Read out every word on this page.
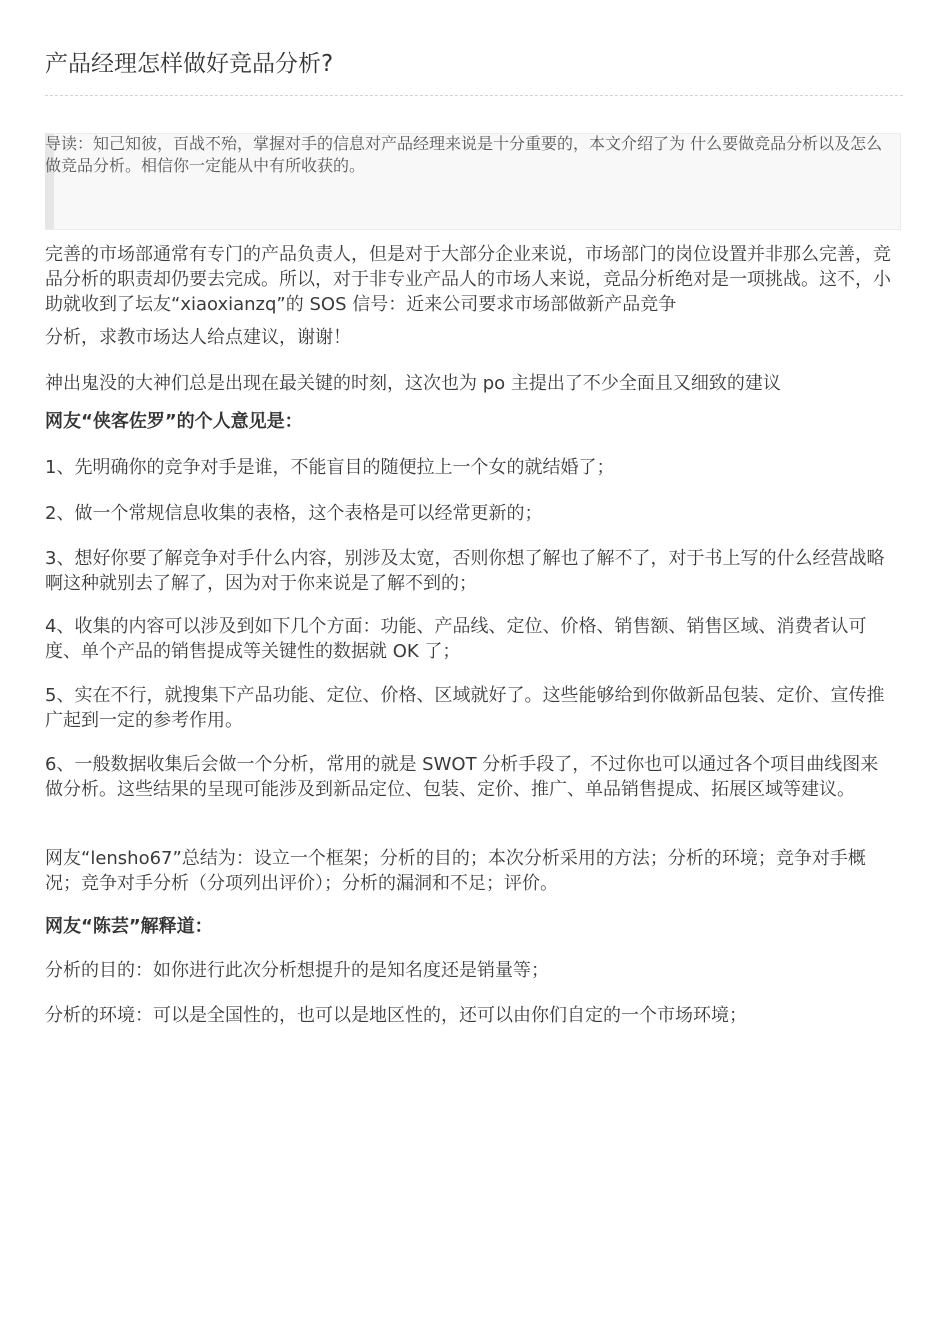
产品经理怎样做好竞品分析?

导读：知己知彼，百战不殆，掌握对手的信息对产品经理来说是十分重要的，本文介绍了为 什么要做竞品分析以及怎么做竞品分析。相信你一定能从中有所收获的。

完善的市场部通常有专门的产品负责人，但是对于大部分企业来说，市场部门的岗位设置并非那么完善，竞品分析的职责却仍要去完成。所以，对于非专业产品人的市场人来说，竞品分析绝对是一项挑战。这不，小助就收到了坛友“xiaoxianzq”的 SOS 信号：近来公司要求市场部做新产品竞争

分析，求教市场达人给点建议，谢谢！

神出鬼没的大神们总是出现在最关键的时刻，这次也为 po 主提出了不少全面且又细致的建议

网友“侠客佐罗”的个人意见是：

1、先明确你的竞争对手是谁，不能盲目的随便拉上一个女的就结婚了；

2、做一个常规信息收集的表格，这个表格是可以经常更新的；

3、想好你要了解竞争对手什么内容，别涉及太宽，否则你想了解也了解不了，对于书上写的什么经营战略啊这种就别去了解了，因为对于你来说是了解不到的；

4、收集的内容可以涉及到如下几个方面：功能、产品线、定位、价格、销售额、销售区域、消费者认可度、单个产品的销售提成等关键性的数据就 OK 了；

5、实在不行，就搜集下产品功能、定位、价格、区域就好了。这些能够给到你做新品包装、定价、宣传推广起到一定的参考作用。

6、一般数据收集后会做一个分析，常用的就是 SWOT 分析手段了，不过你也可以通过各个项目曲线图来做分析。这些结果的呈现可能涉及到新品定位、包装、定价、推广、单品销售提成、拓展区域等建议。

网友“lensho67”总结为：设立一个框架；分析的目的；本次分析采用的方法；分析的环境；竞争对手概况；竞争对手分析（分项列出评价）；分析的漏洞和不足；评价。

网友“陈芸”解释道：

分析的目的：如你进行此次分析想提升的是知名度还是销量等；

分析的环境：可以是全国性的，也可以是地区性的，还可以由你们自定的一个市场环境；
